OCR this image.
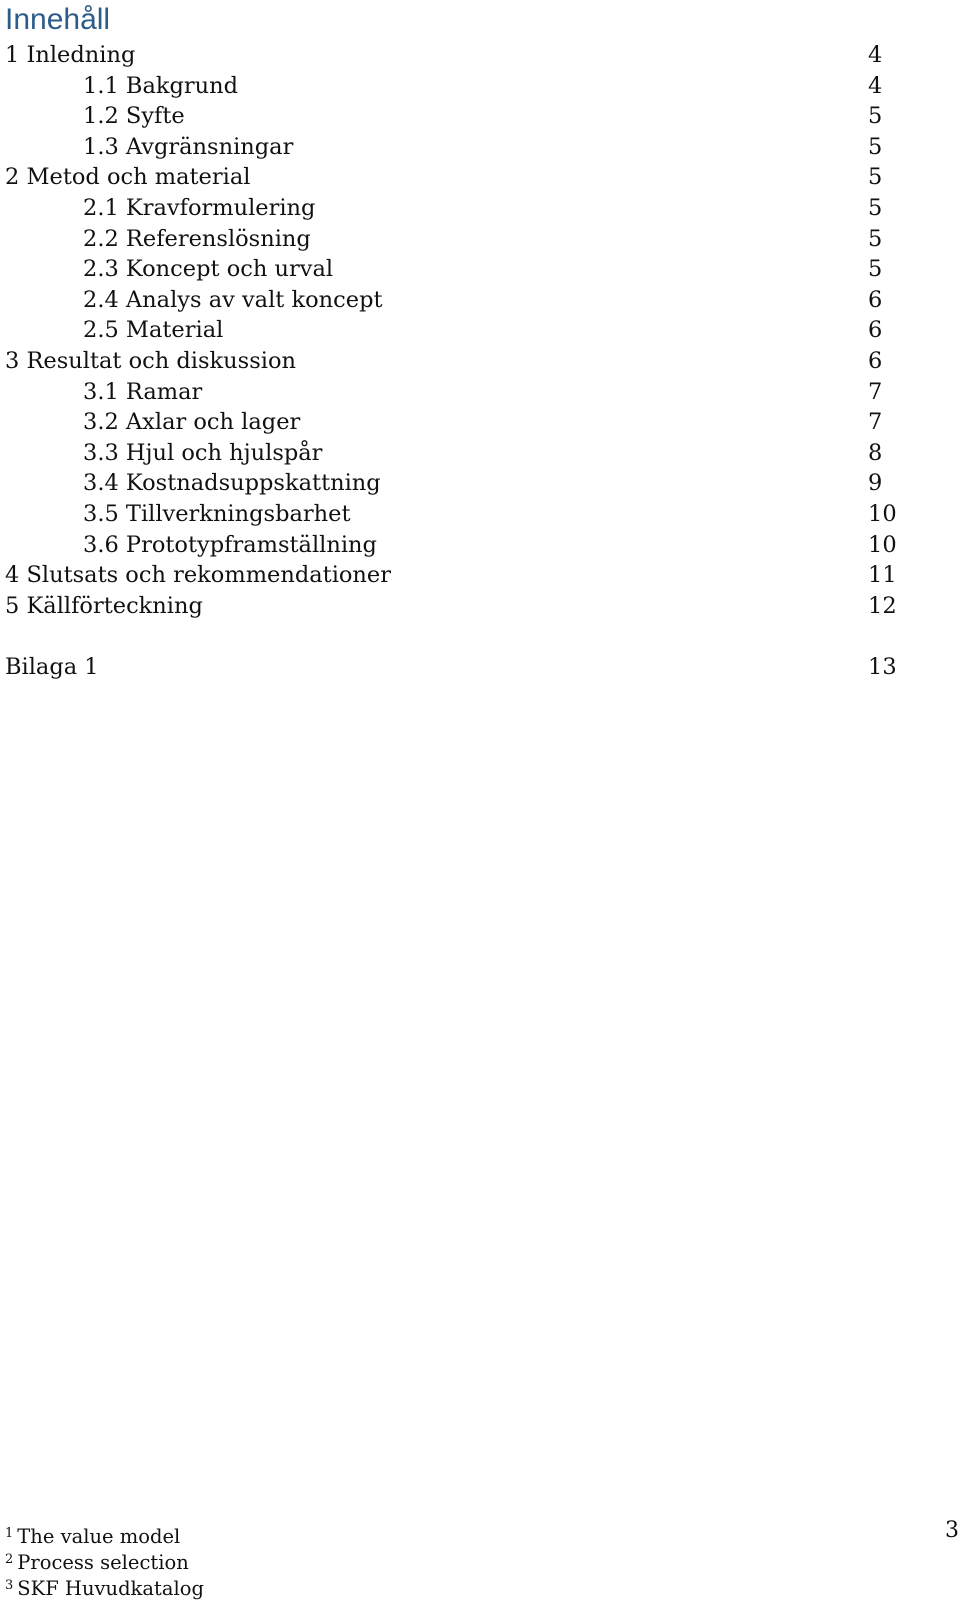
Innehåll
1 Inledning	4
1.1 Bakgrund	4
1.2 Syfte	5
1.3 Avgränsningar	5
2 Metod och material	5
2.1 Kravformulering	5
2.2 Referenslösning	5
2.3 Koncept och urval	5
2.4 Analys av valt koncept	6
2.5 Material	6
3 Resultat och diskussion	6
3.1 Ramar	7
3.2 Axlar och lager	7
3.3 Hjul och hjulspår	8
3.4 Kostnadsuppskattning	9
3.5 Tillverkningsbarhet	10
3.6 Prototypframställning	10
4 Slutsats och rekommendationer	11
5 Källförteckning	12
Bilaga 1	13
$^1$ The value model
$^2$ Process selection
$^3$ SKF Huvudkatalog
3
